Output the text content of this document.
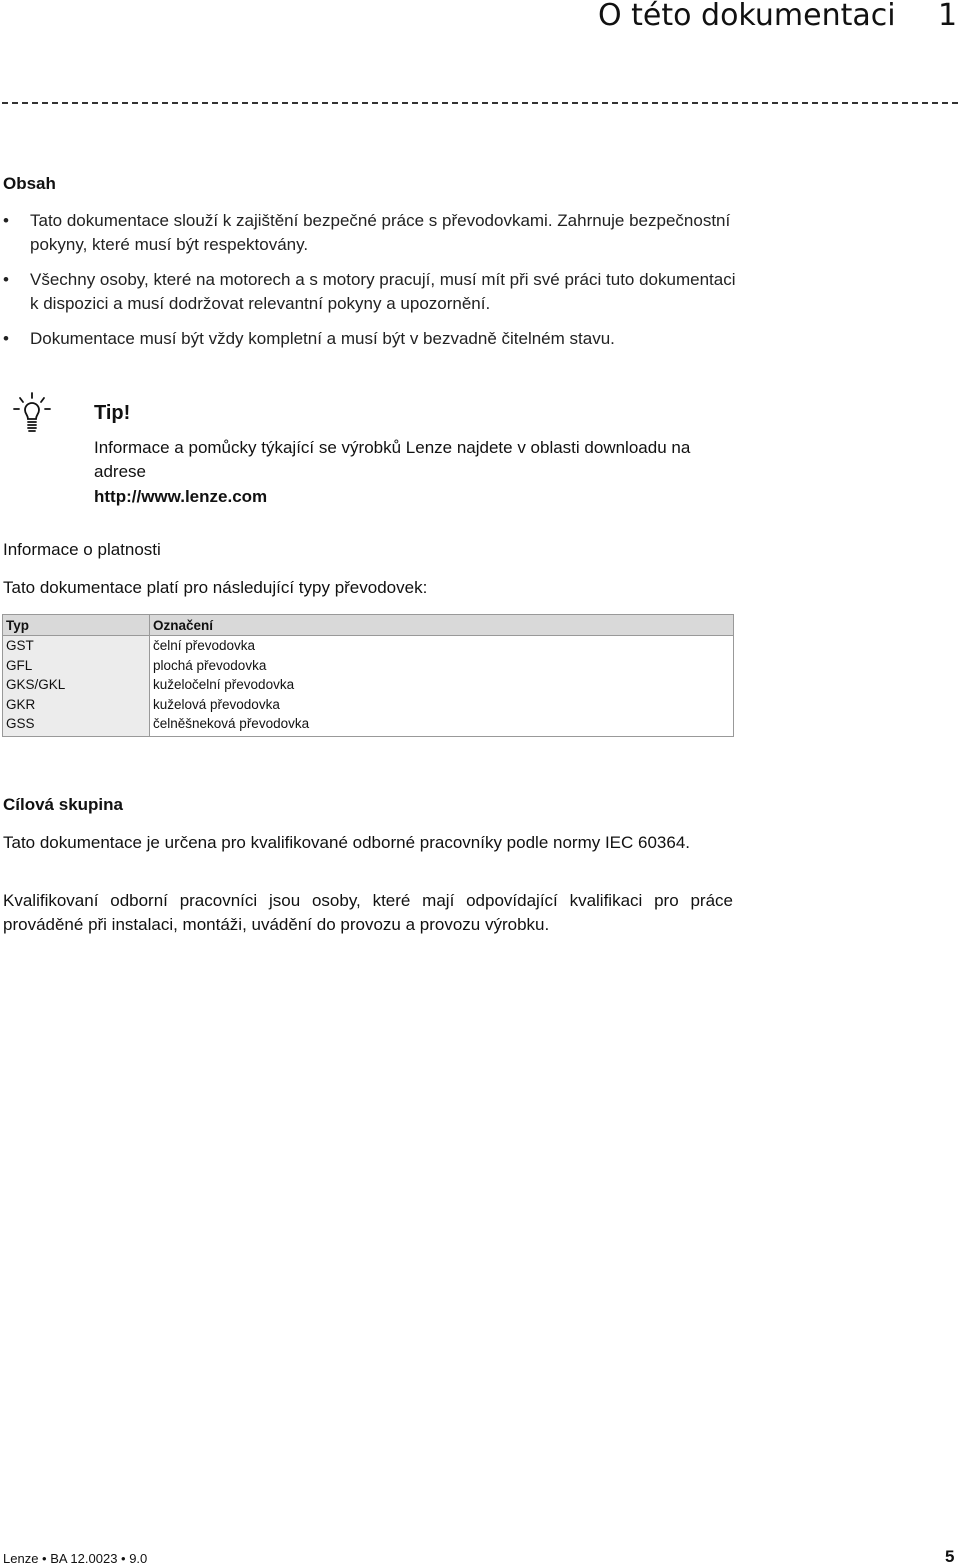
O této dokumentaci 1
Obsah
• Tato dokumentace slouží k zajištění bezpečné práce s převodovkami. Zahrnuje bezpečnostní pokyny, které musí být respektovány.
• Všechny osoby, které na motorech a s motory pracují, musí mít při své práci tuto dokumentaci k dispozici a musí dodržovat relevantní pokyny a upozornění.
• Dokumentace musí být vždy kompletní a musí být v bezvadně čitelném stavu.
Tip!
Informace a pomůcky týkající se výrobků Lenze najdete v oblasti downloadu na adrese
http://www.lenze.com
Informace o platnosti
Tato dokumentace platí pro následující typy převodovek:
Typ	Označení
GST	čelní převodovka
GFL	plochá převodovka
GKS/GKL	kuželočelní převodovka
GKR	kuželová převodovka
GSS	čelněšneková převodovka
Cílová skupina
Tato dokumentace je určena pro kvalifikované odborné pracovníky podle normy IEC 60364.
Kvalifikovaní odborní pracovníci jsou osoby, které mají odpovídající kvalifikaci pro práce prováděné při instalaci, montáži, uvádění do provozu a provozu výrobku.
Lenze • BA 12.0023 • 9.0	5
